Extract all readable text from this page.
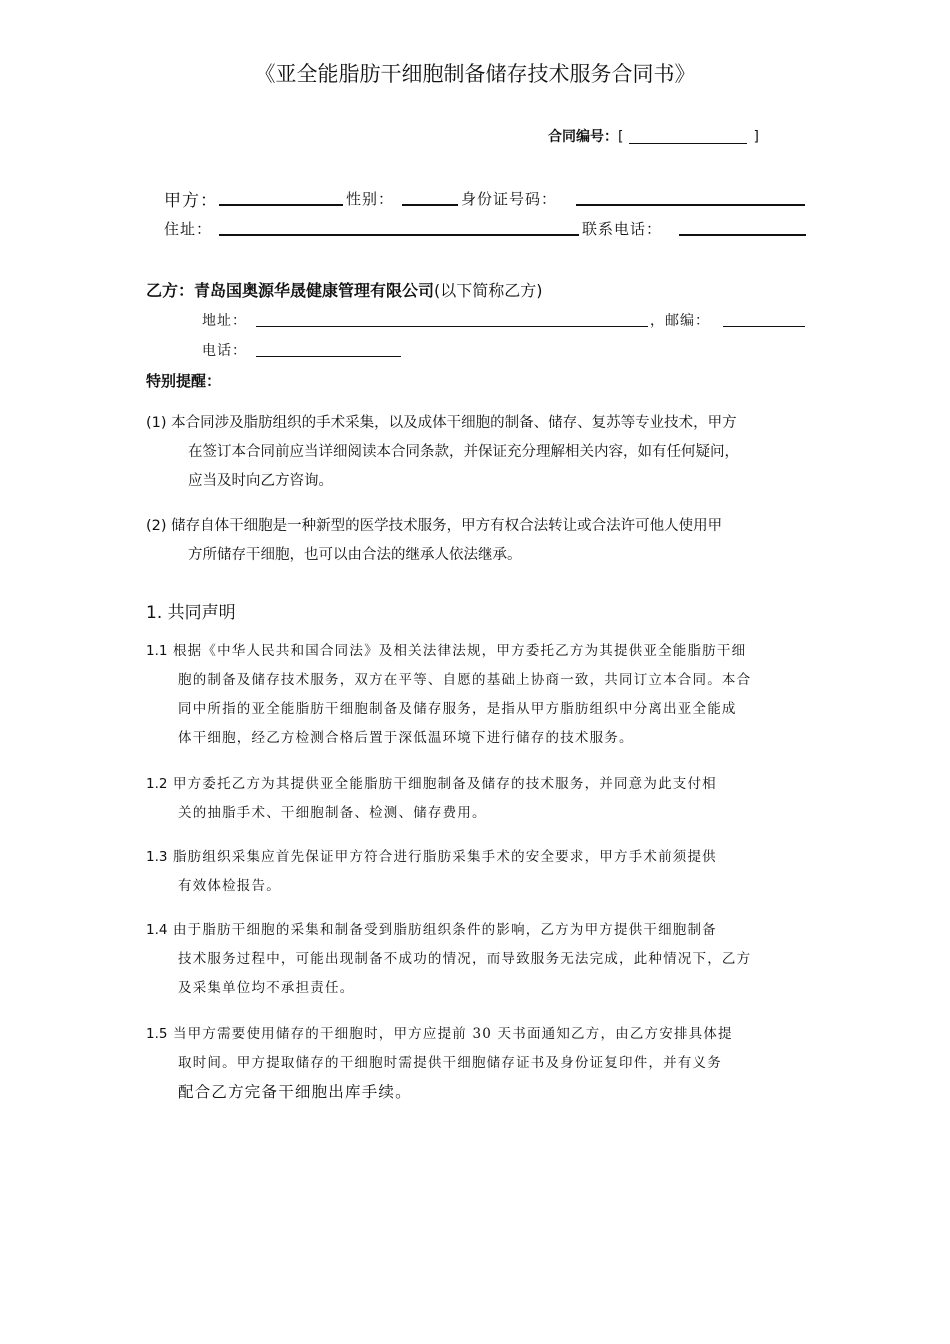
《亚全能脂肪干细胞制备储存技术服务合同书》
合同编号：[	]
甲方：	性别：	身份证号码：
住址：	联系电话：
乙方：青岛国奥源华晟健康管理有限公司(以下简称乙方)
地址：	，邮编：
电话：
特别提醒：
(1) 本合同涉及脂肪组织的手术采集，以及成体干细胞的制备、储存、复苏等专业技术，甲方
在签订本合同前应当详细阅读本合同条款，并保证充分理解相关内容，如有任何疑问，
应当及时向乙方咨询。
(2) 储存自体干细胞是一种新型的医学技术服务，甲方有权合法转让或合法许可他人使用甲
方所储存干细胞，也可以由合法的继承人依法继承。
1. 共同声明
1.1 根据《中华人民共和国合同法》及相关法律法规，甲方委托乙方为其提供亚全能脂肪干细
胞的制备及储存技术服务，双方在平等、自愿的基础上协商一致，共同订立本合同。本合
同中所指的亚全能脂肪干细胞制备及储存服务，是指从甲方脂肪组织中分离出亚全能成
体干细胞，经乙方检测合格后置于深低温环境下进行储存的技术服务。
1.2 甲方委托乙方为其提供亚全能脂肪干细胞制备及储存的技术服务，并同意为此支付相
关的抽脂手术、干细胞制备、检测、储存费用。
1.3 脂肪组织采集应首先保证甲方符合进行脂肪采集手术的安全要求，甲方手术前须提供
有效体检报告。
1.4 由于脂肪干细胞的采集和制备受到脂肪组织条件的影响，乙方为甲方提供干细胞制备
技术服务过程中，可能出现制备不成功的情况，而导致服务无法完成，此种情况下，乙方
及采集单位均不承担责任。
1.5 当甲方需要使用储存的干细胞时，甲方应提前 30 天书面通知乙方，由乙方安排具体提
取时间。甲方提取储存的干细胞时需提供干细胞储存证书及身份证复印件，并有义务
配合乙方完备干细胞出库手续。
